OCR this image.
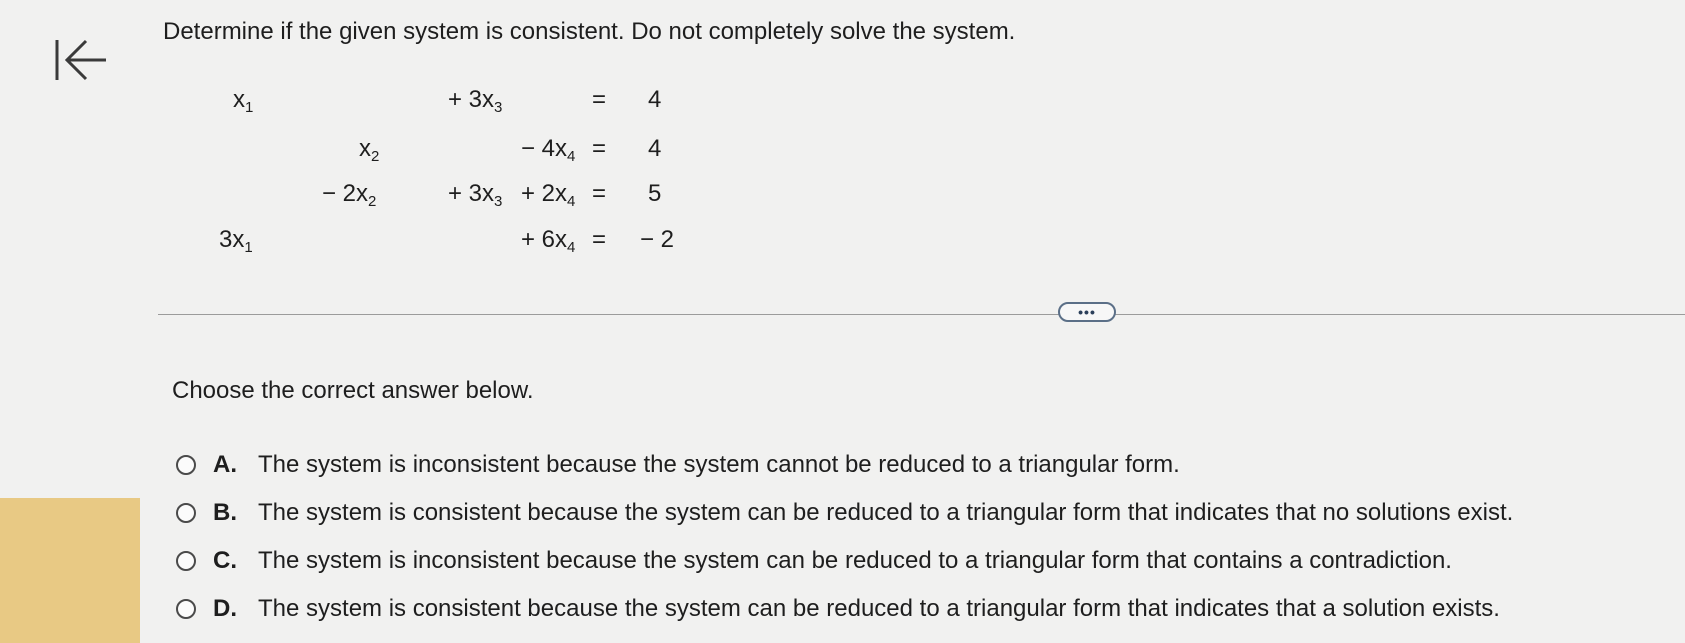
Determine if the given system is consistent. Do not completely solve the system.
$x_1$	+ $3x_3$	= 4
$x_2$	− $4x_4 = 4$
− $2x_2$	+ $3x_3 + 2x_4 = 5$
$3x_1$	+ $6x_4$ = − 2
•••
Choose the correct answer below.
A. The system is inconsistent because the system cannot be reduced to a triangular form.
B. The system is consistent because the system can be reduced to a triangular form that indicates that no solutions exist.
C. The system is inconsistent because the system can be reduced to a triangular form that contains a contradiction.
D. The system is consistent because the system can be reduced to a triangular form that indicates that a solution exists.
